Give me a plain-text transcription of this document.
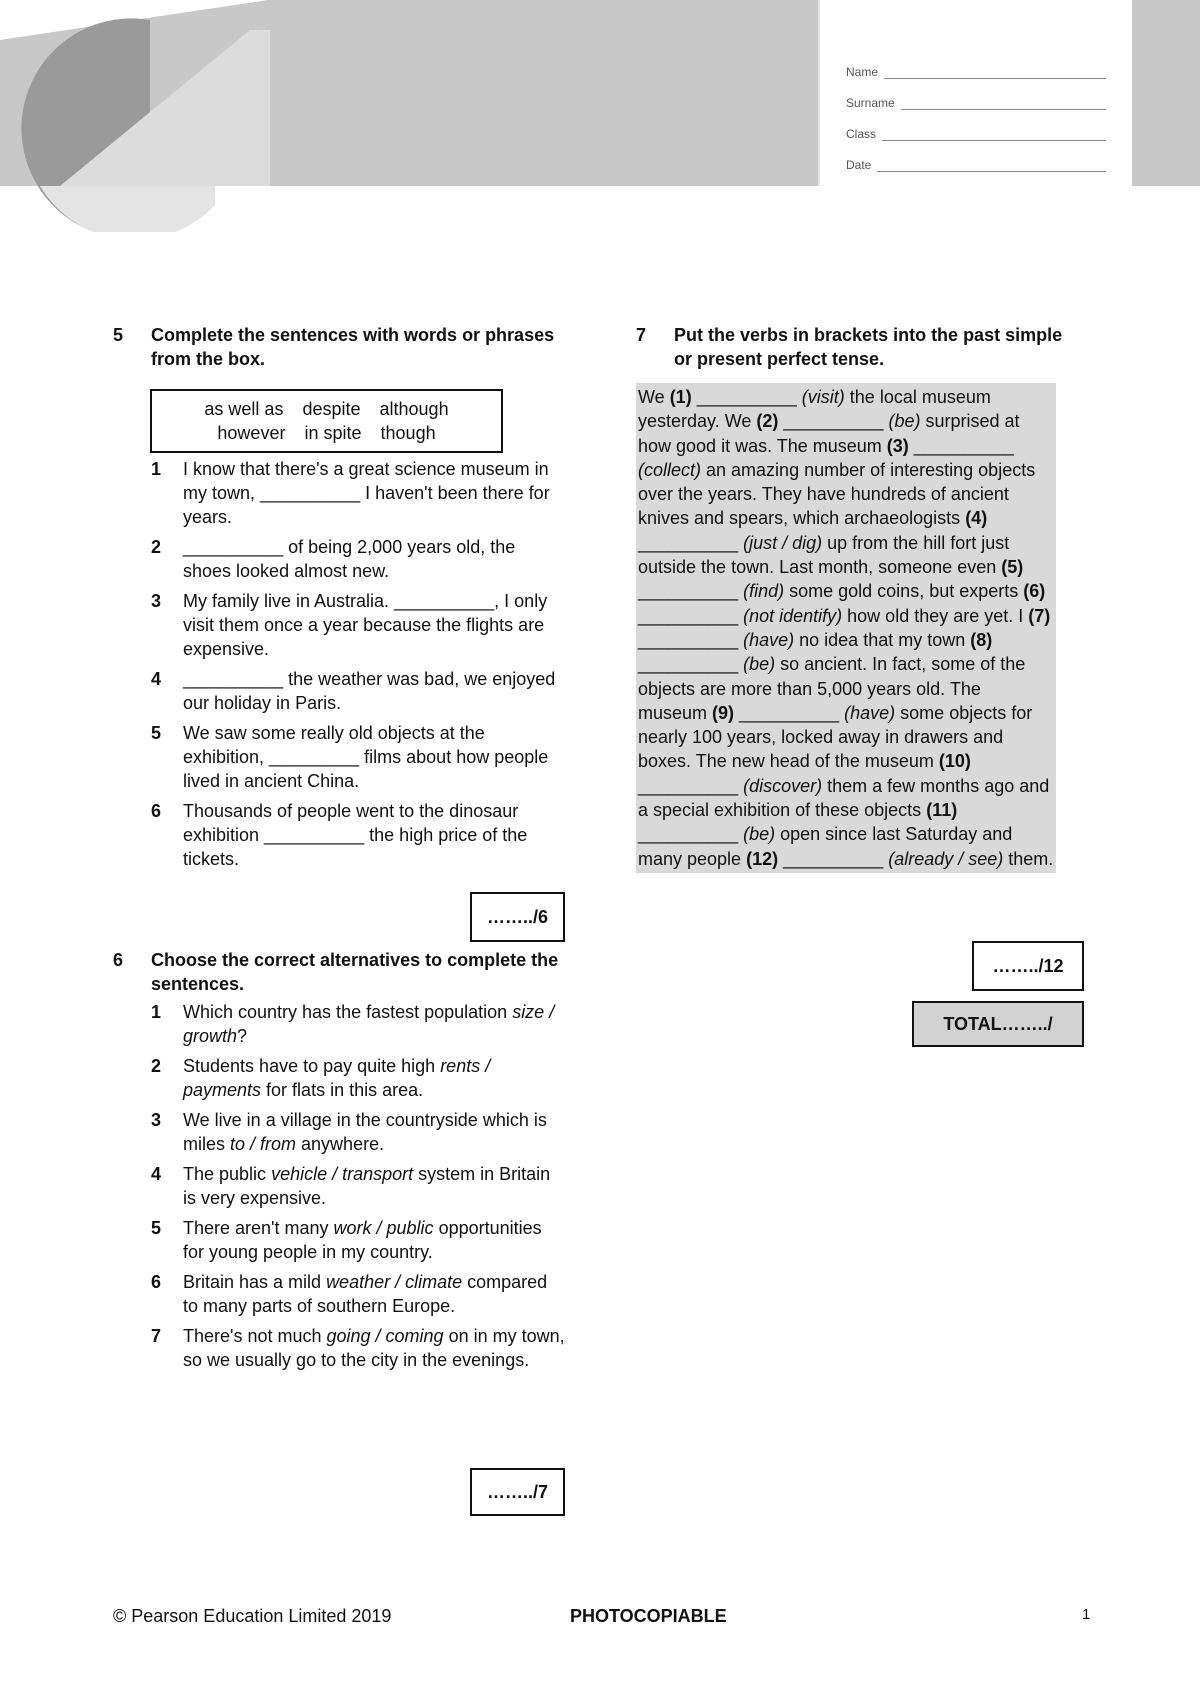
Name
Surname
Class
Date
5	Complete the sentences with words or phrases from the box.
as well as despite although
however in spite though
1	I know that there's a great science museum in my town, __________ I haven't been there for years.
2	__________ of being 2,000 years old, the shoes looked almost new.
3	My family live in Australia. __________, I only visit them once a year because the flights are expensive.
4	__________ the weather was bad, we enjoyed our holiday in Paris.
5	We saw some really old objects at the exhibition, _________ films about how people lived in ancient China.
6	Thousands of people went to the dinosaur exhibition __________ the high price of the tickets.
……../6
6	Choose the correct alternatives to complete the sentences.
1	Which country has the fastest population size / growth?
2	Students have to pay quite high rents / payments for flats in this area.
3	We live in a village in the countryside which is miles to / from anywhere.
4	The public vehicle / transport system in Britain is very expensive.
5	There aren't many work / public opportunities for young people in my country.
6	Britain has a mild weather / climate compared to many parts of southern Europe.
7	There's not much going / coming on in my town, so we usually go to the city in the evenings.
……../7
7	Put the verbs in brackets into the past simple or present perfect tense.
We (1) __________ (visit) the local museum yesterday. We (2) __________ (be) surprised at how good it was. The museum (3) __________ (collect) an amazing number of interesting objects over the years. They have hundreds of ancient knives and spears, which archaeologists (4) __________ (just / dig) up from the hill fort just outside the town. Last month, someone even (5) __________ (find) some gold coins, but experts (6) __________ (not identify) how old they are yet. I (7) __________ (have) no idea that my town (8) __________ (be) so ancient. In fact, some of the objects are more than 5,000 years old. The museum (9) __________ (have) some objects for nearly 100 years, locked away in drawers and boxes. The new head of the museum (10) __________ (discover) them a few months ago and a special exhibition of these objects (11) __________ (be) open since last Saturday and many people (12) __________ (already / see) them.
……../12
TOTAL……../
© Pearson Education Limited 2019	PHOTOCOPIABLE	1
